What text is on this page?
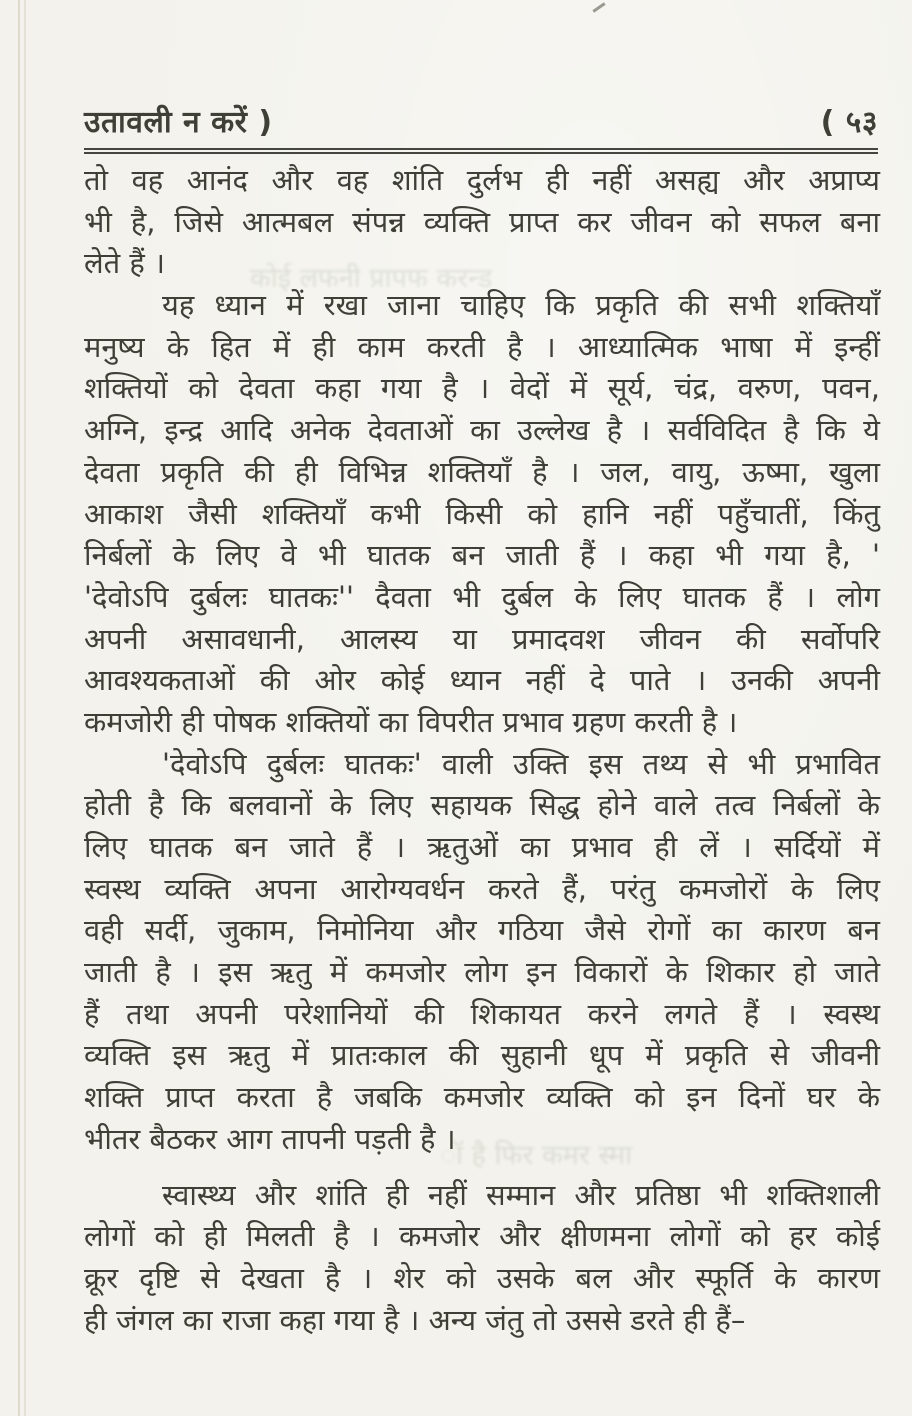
उतावली न करें )	( ५३
तो वह आनंद और वह शांति दुर्लभ ही नहीं असह्य और अप्राप्य
भी है, जिसे आत्मबल संपन्न व्यक्ति प्राप्त कर जीवन को सफल बना
लेते हैं ।
यह ध्यान में रखा जाना चाहिए कि प्रकृति की सभी शक्तियाँ
मनुष्य के हित में ही काम करती है । आध्यात्मिक भाषा में इन्हीं
शक्तियों को देवता कहा गया है । वेदों में सूर्य, चंद्र, वरुण, पवन,
अग्नि, इन्द्र आदि अनेक देवताओं का उल्लेख है । सर्वविदित है कि ये
देवता प्रकृति की ही विभिन्न शक्तियाँ है । जल, वायु, ऊष्मा, खुला
आकाश जैसी शक्तियाँ कभी किसी को हानि नहीं पहुँचातीं, किंतु
निर्बलों के लिए वे भी घातक बन जाती हैं । कहा भी गया है, '
'देवोऽपि दुर्बलः घातकः'' दैवता भी दुर्बल के लिए घातक हैं । लोग
अपनी असावधानी, आलस्य या प्रमादवश जीवन की सर्वोपरि
आवश्यकताओं की ओर कोई ध्यान नहीं दे पाते । उनकी अपनी
कमजोरी ही पोषक शक्तियों का विपरीत प्रभाव ग्रहण करती है ।
'देवोऽपि दुर्बलः घातकः' वाली उक्ति इस तथ्य से भी प्रभावित
होती है कि बलवानों के लिए सहायक सिद्ध होने वाले तत्व निर्बलों के
लिए घातक बन जाते हैं । ऋतुओं का प्रभाव ही लें । सर्दियों में
स्वस्थ व्यक्ति अपना आरोग्यवर्धन करते हैं, परंतु कमजोरों के लिए
वही सर्दी, जुकाम, निमोनिया और गठिया जैसे रोगों का कारण बन
जाती है । इस ऋतु में कमजोर लोग इन विकारों के शिकार हो जाते
हैं तथा अपनी परेशानियों की शिकायत करने लगते हैं । स्वस्थ
व्यक्ति इस ऋतु में प्रातःकाल की सुहानी धूप में प्रकृति से जीवनी
शक्ति प्राप्त करता है जबकि कमजोर व्यक्ति को इन दिनों घर के
भीतर बैठकर आग तापनी पड़ती है ।
स्वास्थ्य और शांति ही नहीं सम्मान और प्रतिष्ठा भी शक्तिशाली
लोगों को ही मिलती है । कमजोर और क्षीणमना लोगों को हर कोई
क्रूर दृष्टि से देखता है । शेर को उसके बल और स्फूर्ति के कारण
ही जंगल का राजा कहा गया है । अन्य जंतु तो उससे डरते ही हैं–
कोई लफनी प्रापफ करन्ड
ॉ है फिर कमर स्मा
